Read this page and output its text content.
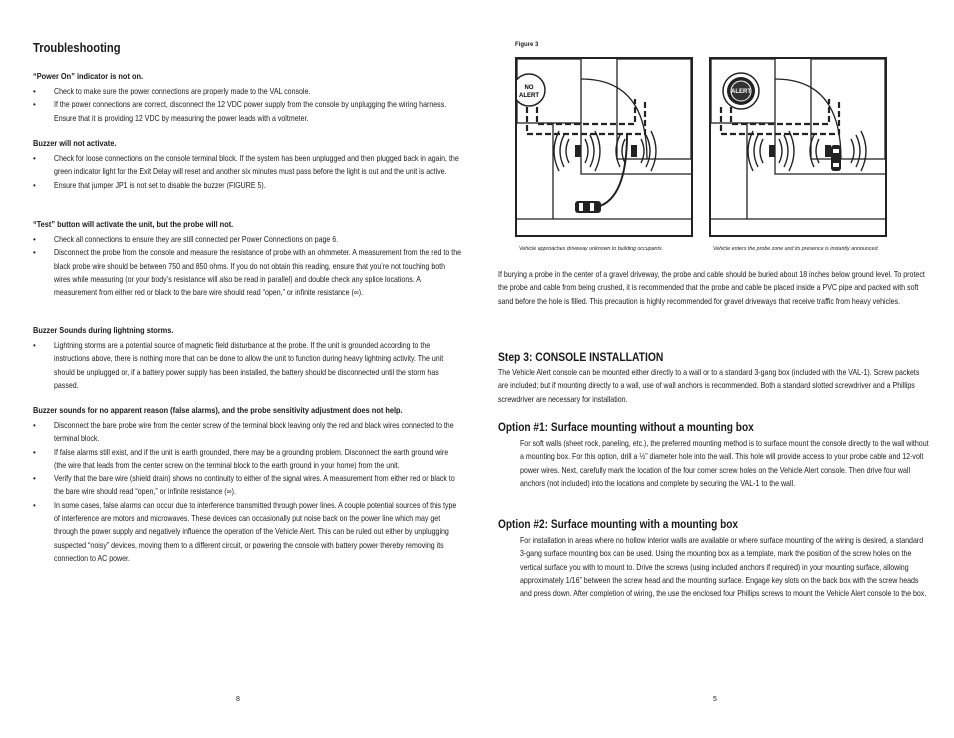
Troubleshooting
“Power On” indicator is not on.
• Check to make sure the power connections are properly made to the VAL console.
• If the power connections are correct, disconnect the 12 VDC power supply from the console by unplugging the wiring harness. Ensure that it is providing 12 VDC by measuring the power leads with a voltmeter.
Buzzer will not activate.
• Check for loose connections on the console terminal block. If the system has been unplugged and then plugged back in again, the green indicator light for the Exit Delay will reset and another six minutes must pass before the light is out and the unit is active.
• Ensure that jumper JP1 is not set to disable the buzzer (FIGURE 5).
“Test” button will activate the unit, but the probe will not.
• Check all connections to ensure they are still connected per Power Connections on page 6.
• Disconnect the probe from the console and measure the resistance of probe with an ohmmeter. A measurement from the red to the black probe wire should be between 750 and 850 ohms. If you do not obtain this reading, ensure that you’re not touching both wires while measuring (or your body’s resistance will also be read in parallel) and double check any splice locations. A measurement from either red or black to the bare wire should read “open,” or infinite resistance (∞).
Buzzer Sounds during lightning storms.
• Lightning storms are a potential source of magnetic field disturbance at the probe. If the unit is grounded according to the instructions above, there is nothing more that can be done to allow the unit to function during heavy lightning activity. The unit should be unplugged or, if a battery power supply has been installed, the battery should be disconnected until the storm has passed.
Buzzer sounds for no apparent reason (false alarms), and the probe sensitivity adjustment does not help.
• Disconnect the bare probe wire from the center screw of the terminal block leaving only the red and black wires connected to the terminal block.
• If false alarms still exist, and if the unit is earth grounded, there may be a grounding problem. Disconnect the earth ground wire (the wire that leads from the center screw on the terminal block to the earth ground in your home) from the unit.
• Verify that the bare wire (shield drain) shows no continuity to either of the signal wires. A measurement from either red or black to the bare wire should read “open,” or infinite resistance (∞).
• In some cases, false alarms can occur due to interference transmitted through power lines. A couple potential sources of this type of interference are motors and microwaves. These devices can occasionally put noise back on the power line which may get through the power supply and negatively influence the operation of the Vehicle Alert. This can be ruled out either by unplugging suspected “noisy” devices, moving them to a different circuit, or powering the console with battery power thereby removing its connection to AC power.
8
Figure 3
NO
ALERT
ALERT
Vehicle approaches driveway unknown to building occupants.	Vehicle enters the probe zone and its presence is instantly announced.
If burying a probe in the center of a gravel driveway, the probe and cable should be buried about 18 inches below ground level. To protect the probe and cable from being crushed, it is recommended that the probe and cable be placed inside a PVC pipe and packed with soft sand before the hole is filled. This precaution is highly recommended for gravel driveways that receive traffic from heavy vehicles.
Step 3: CONSOLE INSTALLATION
The Vehicle Alert console can be mounted either directly to a wall or to a standard 3-gang box (included with the VAL-1). Screw packets are included; but if mounting directly to a wall, use of wall anchors is recommended. Both a standard slotted screwdriver and a Phillips screwdriver are necessary for installation.
Option #1: Surface mounting without a mounting box
For soft walls (sheet rock, paneling, etc.), the preferred mounting method is to surface mount the console directly to the wall without a mounting box. For this option, drill a ½” diameter hole into the wall. This hole will provide access to your probe cable and 12-volt power wires. Next, carefully mark the location of the four corner screw holes on the Vehicle Alert console. Then drive four wall anchors (not included) into the locations and complete by securing the VAL-1 to the wall.
Option #2: Surface mounting with a mounting box
For installation in areas where no hollow interior walls are available or where surface mounting of the wiring is desired, a standard 3-gang surface mounting box can be used. Using the mounting box as a template, mark the position of the screw holes on the vertical surface you with to mount to. Drive the screws (using included anchors if required) in your mounting surface, allowing approximately 1/16” between the screw head and the mounting surface. Engage key slots on the back box with the screw heads and press down. After completion of wiring, the use the enclosed four Phillips screws to mount the Vehicle Alert console to the box.
5
